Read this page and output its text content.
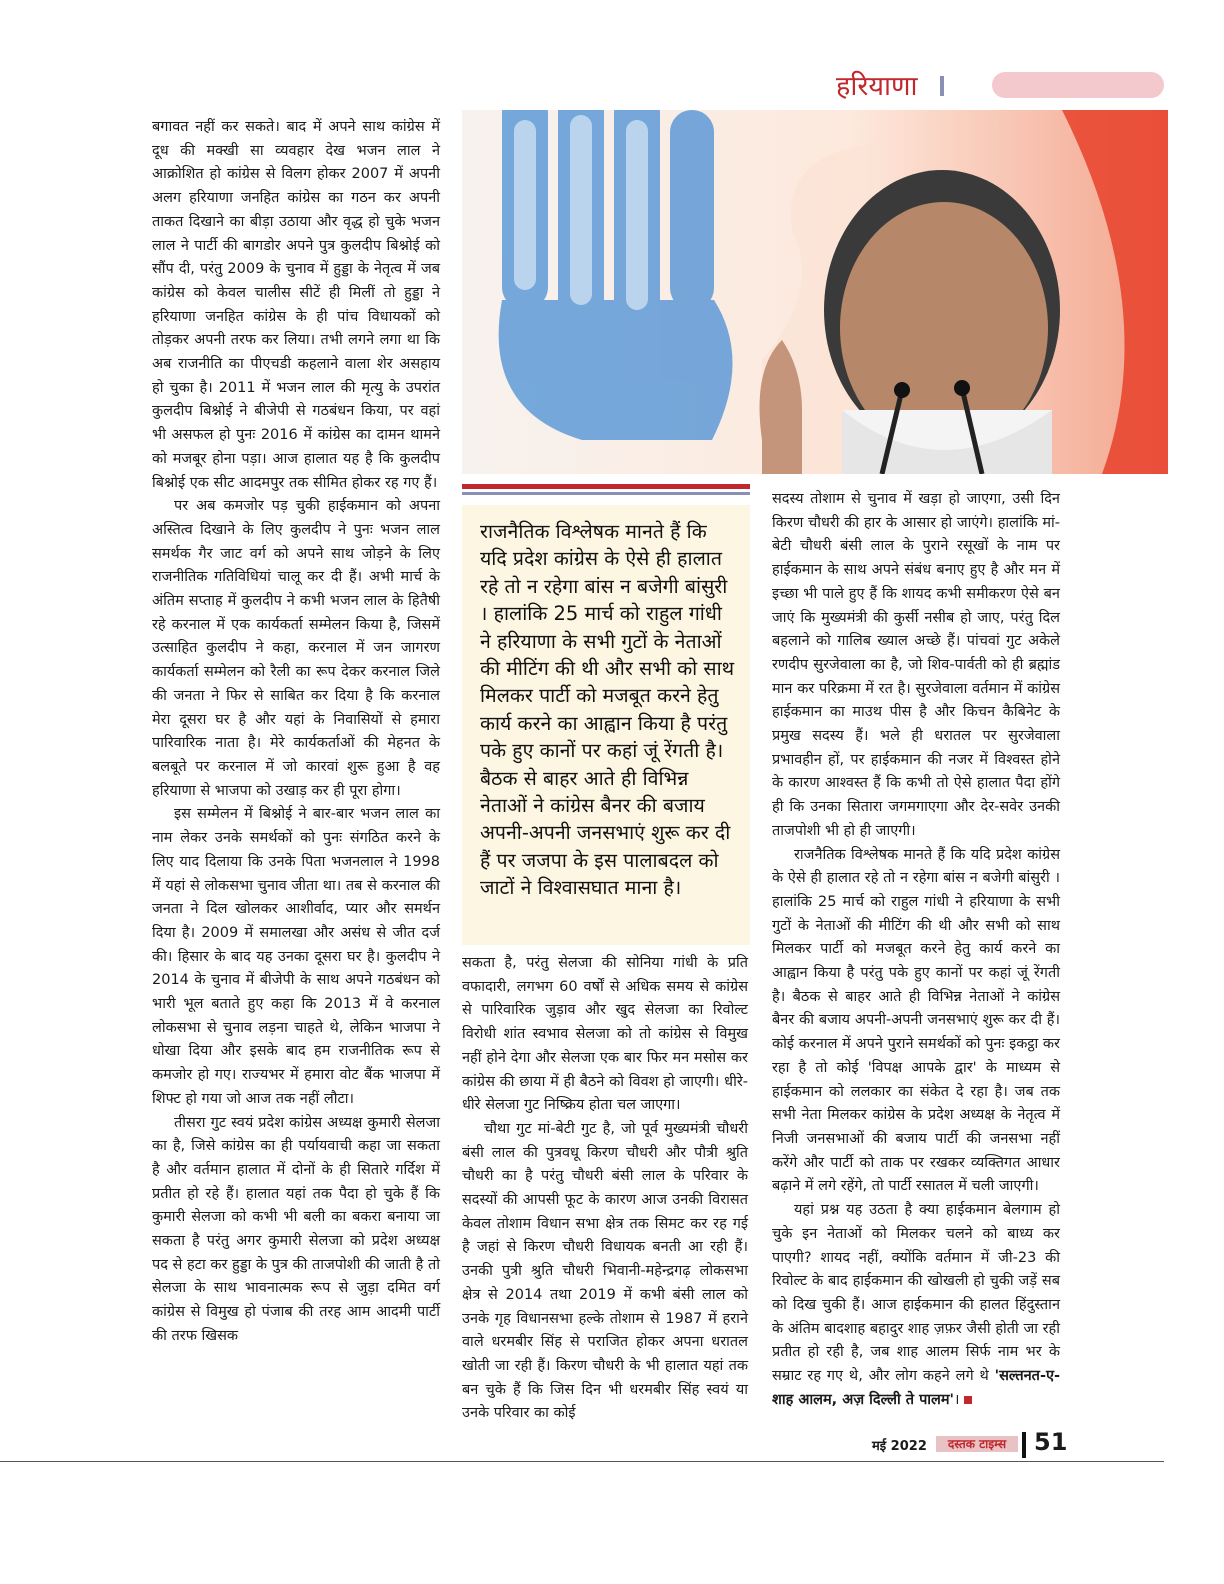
हरियाणा

बगावत नहीं कर सकते। बाद में अपने साथ कांग्रेस में दूध की मक्खी सा व्यवहार देख भजन लाल ने आक्रोशित हो कांग्रेस से विलग होकर 2007 में अपनी अलग हरियाणा जनहित कांग्रेस का गठन कर अपनी ताकत दिखाने का बीड़ा उठाया और वृद्ध हो चुके भजन लाल ने पार्टी की बागडोर अपने पुत्र कुलदीप बिश्नोई को सौंप दी, परंतु 2009 के चुनाव में हुड्डा के नेतृत्व में जब कांग्रेस को केवल चालीस सीटें ही मिलीं तो हुड्डा ने हरियाणा जनहित कांग्रेस के ही पांच विधायकों को तोड़कर अपनी तरफ कर लिया। तभी लगने लगा था कि अब राजनीति का पीएचडी कहलाने वाला शेर असहाय हो चुका है। 2011 में भजन लाल की मृत्यु के उपरांत कुलदीप बिश्नोई ने बीजेपी से गठबंधन किया, पर वहां भी असफल हो पुनः 2016 में कांग्रेस का दामन थामने को मजबूर होना पड़ा। आज हालात यह है कि कुलदीप बिश्नोई एक सीट आदमपुर तक सीमित होकर रह गए हैं।

पर अब कमजोर पड़ चुकी हाईकमान को अपना अस्तित्व दिखाने के लिए कुलदीप ने पुनः भजन लाल समर्थक गैर जाट वर्ग को अपने साथ जोड़ने के लिए राजनीतिक गतिविधियां चालू कर दी हैं। अभी मार्च के अंतिम सप्ताह में कुलदीप ने कभी भजन लाल के हितैषी रहे करनाल में एक कार्यकर्ता सम्मेलन किया है, जिसमें उत्साहित कुलदीप ने कहा, करनाल में जन जागरण कार्यकर्ता सम्मेलन को रैली का रूप देकर करनाल जिले की जनता ने फिर से साबित कर दिया है कि करनाल मेरा दूसरा घर है और यहां के निवासियों से हमारा पारिवारिक नाता है। मेरे कार्यकर्ताओं की मेहनत के बलबूते पर करनाल में जो कारवां शुरू हुआ है वह हरियाणा से भाजपा को उखाड़ कर ही पूरा होगा।

इस सम्मेलन में बिश्नोई ने बार-बार भजन लाल का नाम लेकर उनके समर्थकों को पुनः संगठित करने के लिए याद दिलाया कि उनके पिता भजनलाल ने 1998 में यहां से लोकसभा चुनाव जीता था। तब से करनाल की जनता ने दिल खोलकर आशीर्वाद, प्यार और समर्थन दिया है। 2009 में समालखा और असंध से जीत दर्ज की। हिसार के बाद यह उनका दूसरा घर है। कुलदीप ने 2014 के चुनाव में बीजेपी के साथ अपने गठबंधन को भारी भूल बताते हुए कहा कि 2013 में वे करनाल लोकसभा से चुनाव लड़ना चाहते थे, लेकिन भाजपा ने धोखा दिया और इसके बाद हम राजनीतिक रूप से कमजोर हो गए। राज्यभर में हमारा वोट बैंक भाजपा में शिफ्ट हो गया जो आज तक नहीं लौटा।

तीसरा गुट स्वयं प्रदेश कांग्रेस अध्यक्ष कुमारी सेलजा का है, जिसे कांग्रेस का ही पर्यायवाची कहा जा सकता है और वर्तमान हालात में दोनों के ही सितारे गर्दिश में प्रतीत हो रहे हैं। हालात यहां तक पैदा हो चुके हैं कि कुमारी सेलजा को कभी भी बली का बकरा बनाया जा सकता है परंतु अगर कुमारी सेलजा को प्रदेश अध्यक्ष पद से हटा कर हुड्डा के पुत्र की ताजपोशी की जाती है तो सेलजा के साथ भावनात्मक रूप से जुड़ा दमित वर्ग कांग्रेस से विमुख हो पंजाब की तरह आम आदमी पार्टी की तरफ खिसक

राजनैतिक विश्लेषक मानते हैं कि यदि प्रदेश कांग्रेस के ऐसे ही हालात रहे तो न रहेगा बांस न बजेगी बांसुरी । हालांकि 25 मार्च को राहुल गांधी ने हरियाणा के सभी गुटों के नेताओं की मीटिंग की थी और सभी को साथ मिलकर पार्टी को मजबूत करने हेतु कार्य करने का आह्वान किया है परंतु पके हुए कानों पर कहां जूं रेंगती है। बैठक से बाहर आते ही विभिन्न नेताओं ने कांग्रेस बैनर की बजाय अपनी-अपनी जनसभाएं शुरू कर दी हैं पर जजपा के इस पालाबदल को जाटों ने विश्वासघात माना है।

सकता है, परंतु सेलजा की सोनिया गांधी के प्रति वफादारी, लगभग 60 वर्षों से अधिक समय से कांग्रेस से पारिवारिक जुड़ाव और खुद सेलजा का रिवोल्ट विरोधी शांत स्वभाव सेलजा को तो कांग्रेस से विमुख नहीं होने देगा और सेलजा एक बार फिर मन मसोस कर कांग्रेस की छाया में ही बैठने को विवश हो जाएगी। धीरे-धीरे सेलजा गुट निष्क्रिय होता चल जाएगा।

चौथा गुट मां-बेटी गुट है, जो पूर्व मुख्यमंत्री चौधरी बंसी लाल की पुत्रवधू किरण चौधरी और पौत्री श्रुति चौधरी का है परंतु चौधरी बंसी लाल के परिवार के सदस्यों की आपसी फूट के कारण आज उनकी विरासत केवल तोशाम विधान सभा क्षेत्र तक सिमट कर रह गई है जहां से किरण चौधरी विधायक बनती आ रही हैं। उनकी पुत्री श्रुति चौधरी भिवानी-महेन्द्रगढ़ लोकसभा क्षेत्र से 2014 तथा 2019 में कभी बंसी लाल को उनके गृह विधानसभा हल्के तोशाम से 1987 में हराने वाले धरमबीर सिंह से पराजित होकर अपना धरातल खोती जा रही हैं। किरण चौधरी के भी हालात यहां तक बन चुके हैं कि जिस दिन भी धरमबीर सिंह स्वयं या उनके परिवार का कोई

सदस्य तोशाम से चुनाव में खड़ा हो जाएगा, उसी दिन किरण चौधरी की हार के आसार हो जाएंगे। हालांकि मां-बेटी चौधरी बंसी लाल के पुराने रसूखों के नाम पर हाईकमान के साथ अपने संबंध बनाए हुए है और मन में इच्छा भी पाले हुए हैं कि शायद कभी समीकरण ऐसे बन जाएं कि मुख्यमंत्री की कुर्सी नसीब हो जाए, परंतु दिल बहलाने को गालिब ख्याल अच्छे हैं। पांचवां गुट अकेले रणदीप सुरजेवाला का है, जो शिव-पार्वती को ही ब्रह्मांड मान कर परिक्रमा में रत है। सुरजेवाला वर्तमान में कांग्रेस हाईकमान का माउथ पीस है और किचन कैबिनेट के प्रमुख सदस्य हैं। भले ही धरातल पर सुरजेवाला प्रभावहीन हों, पर हाईकमान की नजर में विश्वस्त होने के कारण आश्वस्त हैं कि कभी तो ऐसे हालात पैदा होंगे ही कि उनका सितारा जगमगाएगा और देर-सवेर उनकी ताजपोशी भी हो ही जाएगी।

राजनैतिक विश्लेषक मानते हैं कि यदि प्रदेश कांग्रेस के ऐसे ही हालात रहे तो न रहेगा बांस न बजेगी बांसुरी । हालांकि 25 मार्च को राहुल गांधी ने हरियाणा के सभी गुटों के नेताओं की मीटिंग की थी और सभी को साथ मिलकर पार्टी को मजबूत करने हेतु कार्य करने का आह्वान किया है परंतु पके हुए कानों पर कहां जूं रेंगती है। बैठक से बाहर आते ही विभिन्न नेताओं ने कांग्रेस बैनर की बजाय अपनी-अपनी जनसभाएं शुरू कर दी हैं। कोई करनाल में अपने पुराने समर्थकों को पुनः इकट्ठा कर रहा है तो कोई 'विपक्ष आपके द्वार' के माध्यम से हाईकमान को ललकार का संकेत दे रहा है। जब तक सभी नेता मिलकर कांग्रेस के प्रदेश अध्यक्ष के नेतृत्व में निजी जनसभाओं की बजाय पार्टी की जनसभा नहीं करेंगे और पार्टी को ताक पर रखकर व्यक्तिगत आधार बढ़ाने में लगे रहेंगे, तो पार्टी रसातल में चली जाएगी।

यहां प्रश्न यह उठता है क्या हाईकमान बेलगाम हो चुके इन नेताओं को मिलकर चलने को बाध्य कर पाएगी? शायद नहीं, क्योंकि वर्तमान में जी-23 की रिवोल्ट के बाद हाईकमान की खोखली हो चुकी जड़ें सब को दिख चुकी हैं। आज हाईकमान की हालत हिंदुस्तान के अंतिम बादशाह बहादुर शाह ज़फ़र जैसी होती जा रही प्रतीत हो रही है, जब शाह आलम सिर्फ नाम भर के सम्राट रह गए थे, और लोग कहने लगे थे 'सल्तनत-ए-शाह आलम, अज़ दिल्ली ते पालम'।

मई 2022	दस्तक टाइम्स	51
